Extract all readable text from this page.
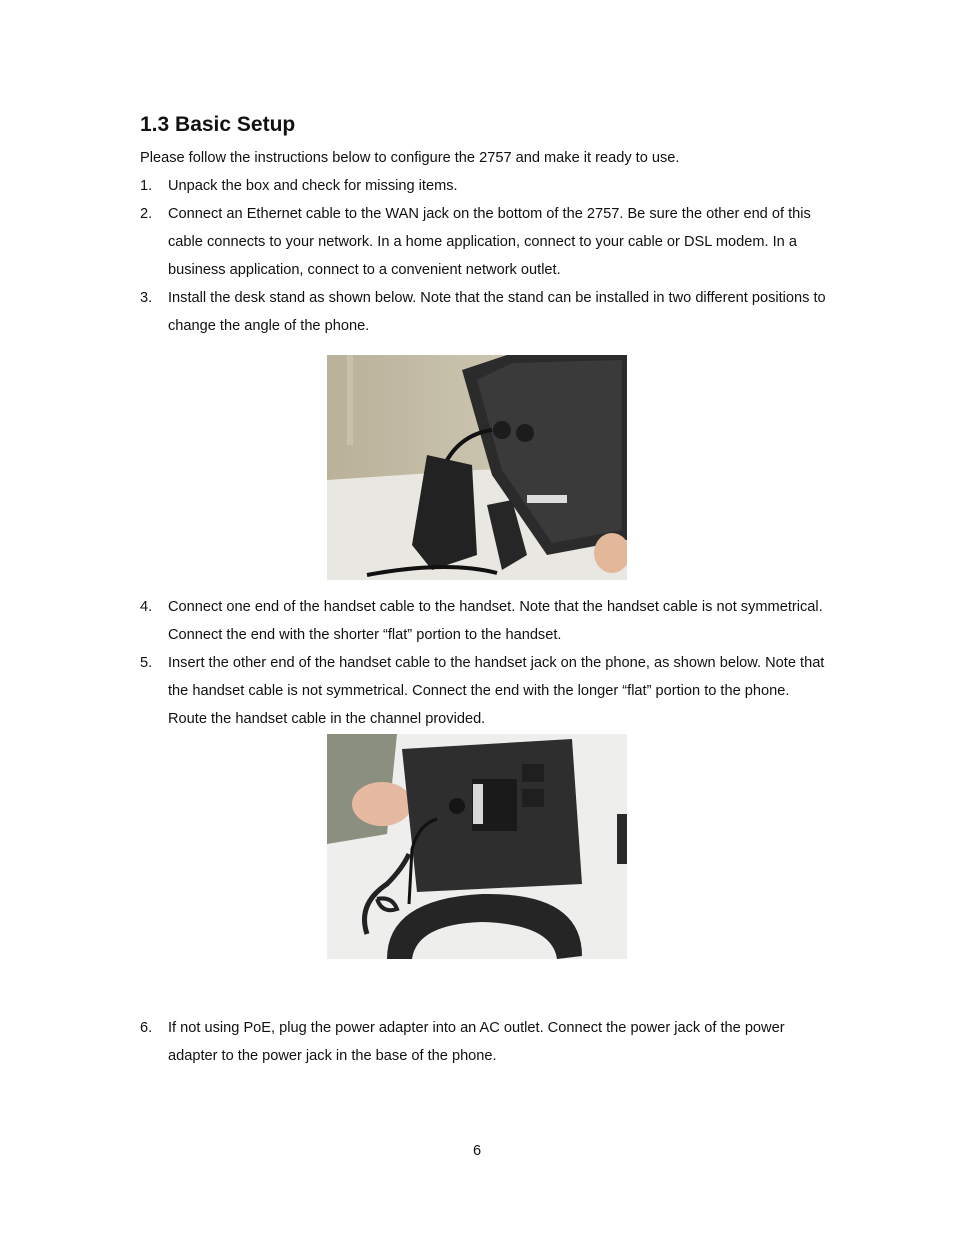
1.3 Basic Setup
Please follow the instructions below to configure the 2757 and make it ready to use.
1. Unpack the box and check for missing items.
2. Connect an Ethernet cable to the WAN jack on the bottom of the 2757. Be sure the other end of this cable connects to your network. In a home application, connect to your cable or DSL modem. In a business application, connect to a convenient network outlet.
3. Install the desk stand as shown below. Note that the stand can be installed in two different positions to change the angle of the phone.
4. Connect one end of the handset cable to the handset. Note that the handset cable is not symmetrical. Connect the end with the shorter “flat” portion to the handset.
5. Insert the other end of the handset cable to the handset jack on the phone, as shown below. Note that the handset cable is not symmetrical. Connect the end with the longer “flat” portion to the phone. Route the handset cable in the channel provided.
6. If not using PoE, plug the power adapter into an AC outlet. Connect the power jack of the power adapter to the power jack in the base of the phone.
6
